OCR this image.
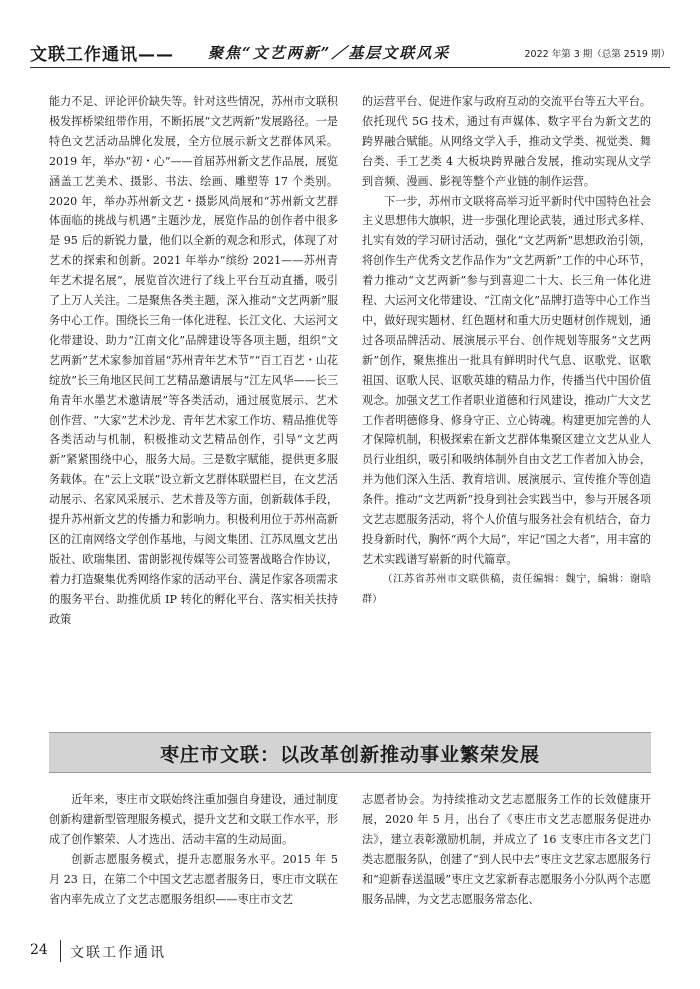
文联工作通讯—— 聚焦“文艺两新”／基层文联风采	2022 年第 3 期（总第 2519 期）

能力不足、评论评价缺失等。针对这些情况，苏州市文联积极发挥桥梁纽带作用，不断拓展“文艺两新”发展路径。一是特色文艺活动品牌化发展，全方位展示新文艺群体风采。2019 年，举办“初・心”——首届苏州新文艺作品展，展览涵盖工艺美术、摄影、书法、绘画、雕塑等 17 个类别。2020 年，举办苏州新文艺・摄影风尚展和“苏州新文艺群体面临的挑战与机遇”主题沙龙，展览作品的创作者中很多是 95 后的新锐力量，他们以全新的观念和形式，体现了对艺术的探索和创新。2021 年举办“缤纷 2021——苏州青年艺术提名展”，展览首次进行了线上平台互动直播，吸引了上万人关注。二是聚焦各类主题，深入推动“文艺两新”服务中心工作。围绕长三角一体化进程、长江文化、大运河文化带建设、助力“江南文化”品牌建设等各项主题，组织“文艺两新”艺术家参加首届“苏州青年艺术节”“百工百艺・山花绽放”长三角地区民间工艺精品邀请展与“江左风华——长三角青年水墨艺术邀请展”等各类活动，通过展览展示、艺术创作营、“大家”艺术沙龙、青年艺术家工作坊、精品推优等各类活动与机制，积极推动文艺精品创作，引导“文艺两新”紧紧围绕中心，服务大局。三是数字赋能，提供更多服务载体。在“云上文联”设立新文艺群体联盟栏目，在文艺活动展示、名家风采展示、艺术普及等方面，创新载体手段，提升苏州新文艺的传播力和影响力。积极利用位于苏州高新区的江南网络文学创作基地，与阅文集团、江苏凤凰文艺出版社、欧瑞集团、雷朗影视传媒等公司签署战略合作协议，着力打造聚集优秀网络作家的活动平台、满足作家各项需求的服务平台、助推优质 IP 转化的孵化平台、落实相关扶持政策

的运营平台、促进作家与政府互动的交流平台等五大平台。依托现代 5G 技术，通过有声媒体、数字平台为新文艺的跨界融合赋能。从网络文学入手，推动文学类、视觉类、舞台类、手工艺类 4 大板块跨界融合发展，推动实现从文学到音频、漫画、影视等整个产业链的制作运营。

下一步，苏州市文联将高举习近平新时代中国特色社会主义思想伟大旗帜，进一步强化理论武装，通过形式多样、扎实有效的学习研讨活动，强化“文艺两新”思想政治引领，将创作生产优秀文艺作品作为“文艺两新”工作的中心环节，着力推动“文艺两新”参与到喜迎二十大、长三角一体化进程、大运河文化带建设、“江南文化”品牌打造等中心工作当中，做好现实题材、红色题材和重大历史题材创作规划，通过各项品牌活动、展演展示平台、创作规划等服务“文艺两新”创作，聚焦推出一批具有鲜明时代气息、讴歌党、讴歌祖国、讴歌人民、讴歌英雄的精品力作，传播当代中国价值观念。加强文艺工作者职业道德和行风建设，推动广大文艺工作者明德修身、修身守正、立心铸魂。构建更加完善的人才保障机制，积极探索在新文艺群体集聚区建立文艺从业人员行业组织，吸引和吸纳体制外自由文艺工作者加入协会，并为他们深入生活、教育培训、展演展示、宣传推介等创造条件。推动“文艺两新”投身到社会实践当中，参与开展各项文艺志愿服务活动，将个人价值与服务社会有机结合，奋力投身新时代，胸怀“两个大局”，牢记“国之大者”，用丰富的艺术实践谱写崭新的时代篇章。

（江苏省苏州市文联供稿，责任编辑：魏宁，编辑：谢晗群）

枣庄市文联：以改革创新推动事业繁荣发展

近年来，枣庄市文联始终注重加强自身建设，通过制度创新构建新型管理服务模式，提升文艺和文联工作水平，形成了创作繁荣、人才选出、活动丰富的生动局面。

创新志愿服务模式，提升志愿服务水平。2015 年 5 月 23 日，在第二个中国文艺志愿者服务日，枣庄市文联在省内率先成立了文艺志愿服务组织——枣庄市文艺

志愿者协会。为持续推动文艺志愿服务工作的长效健康开展，2020 年 5 月，出台了《枣庄市文艺志愿服务促进办法》，建立表彰激励机制，并成立了 16 支枣庄市各文艺门类志愿服务队，创建了“到人民中去”枣庄文艺家志愿服务行和“迎新春送温暖”枣庄文艺家新春志愿服务小分队两个志愿服务品牌，为文艺志愿服务常态化、

24 文联工作通讯
